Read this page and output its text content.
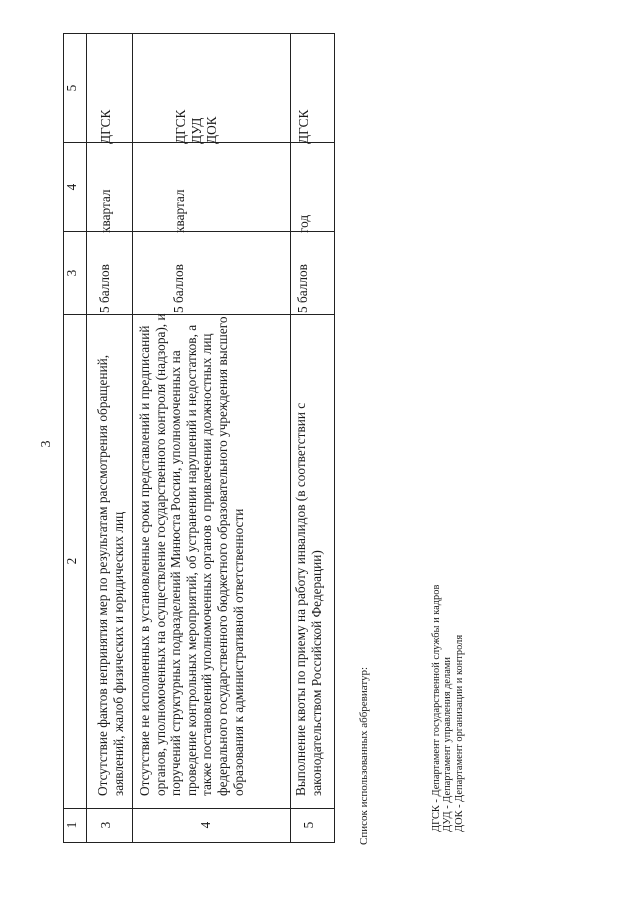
3
1
2
3
4
5
3
Отсутствие фактов непринятия мер по результатам рассмотрения обращений, заявлений, жалоб физических и юридических лиц
5 баллов
квартал
ДГСК
4
Отсутствие не исполненных в установленные сроки представлений и предписаний органов, уполномоченных на осуществление государственного контроля (надзора), и поручений структурных подразделений Минюста России, уполномоченных на проведение контрольных мероприятий, об устранении нарушений и недостатков, а также постановлений уполномоченных органов о привлечении должностных лиц федерального государственного бюджетного образовательного учреждения высшего образования к административной ответственности
5 баллов
квартал
ДГСК ДУД ДОК
5
Выполнение квоты по приему на работу инвалидов (в соответствии с законодательством Российской Федерации)
5 баллов
год
ДГСК
Список использованных аббревиатур:	ДГСК - Департамент государственной службы и кадров ДУД - Департамент управления делами ДОК - Департамент организации и контроля
